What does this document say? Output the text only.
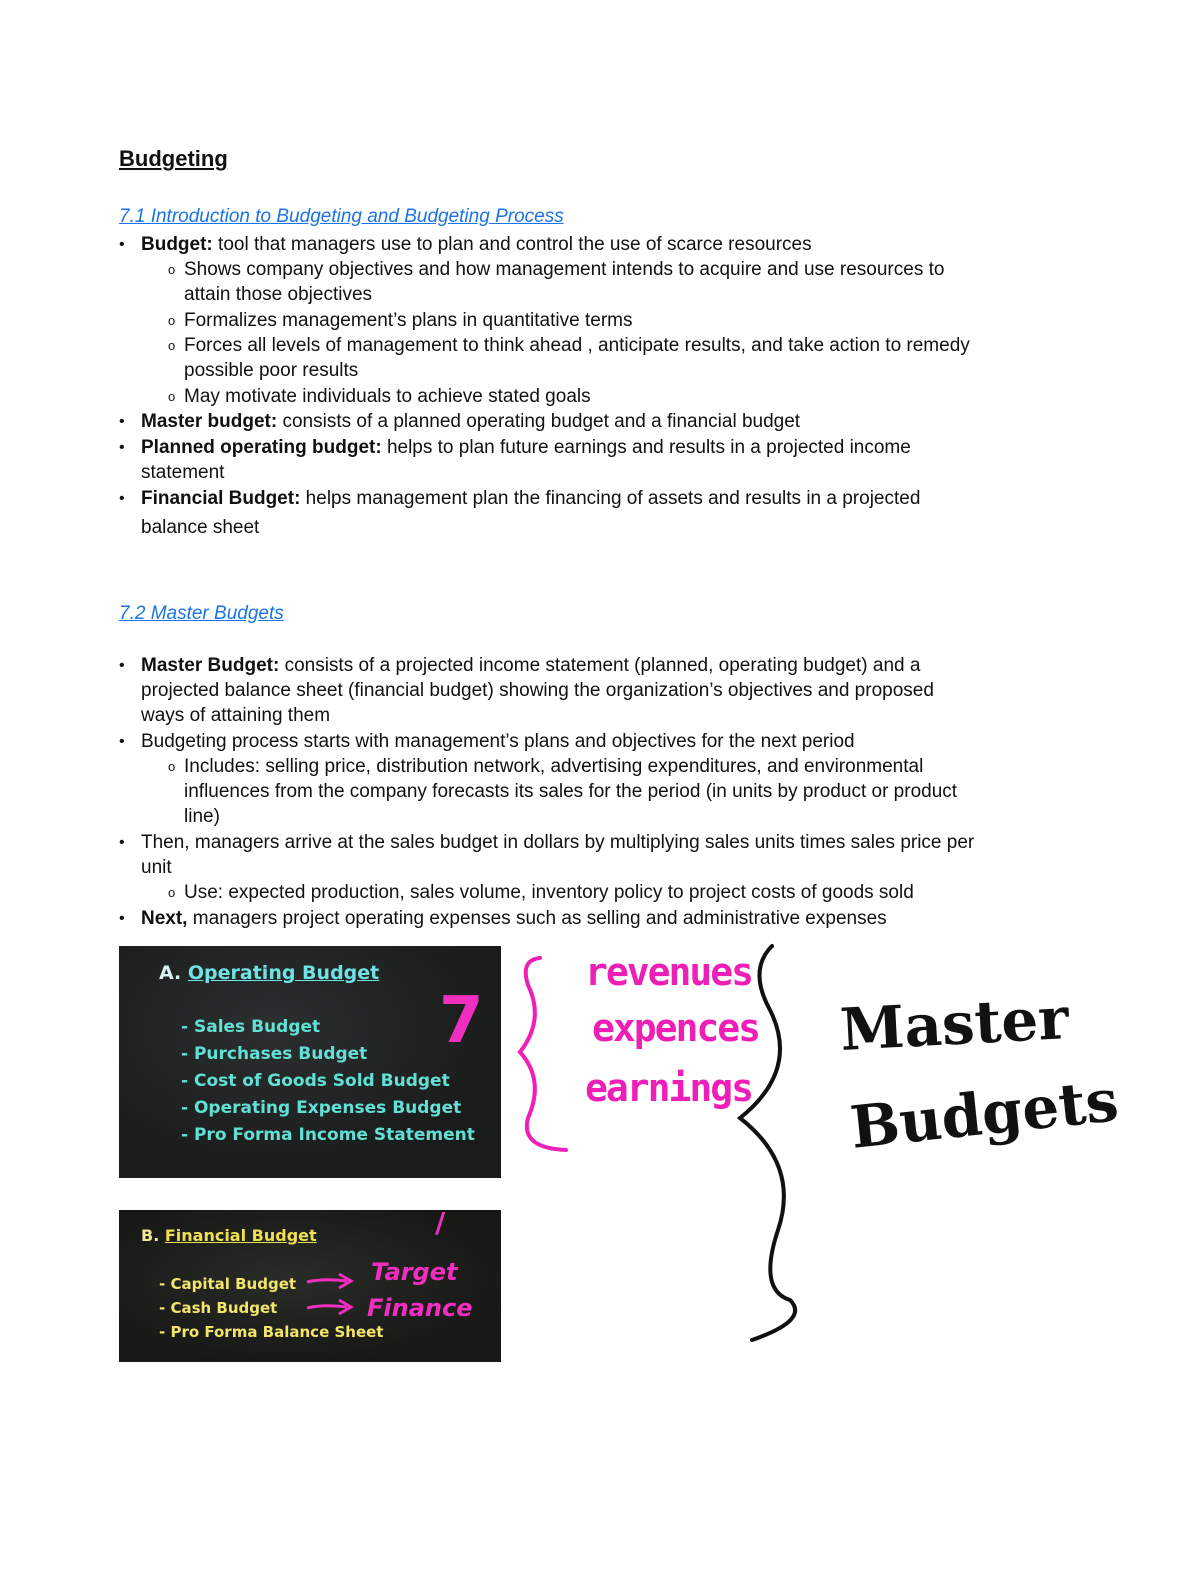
Budgeting
7.1 Introduction to Budgeting and Budgeting Process
• Budget: tool that managers use to plan and control the use of scarce resources
o Shows company objectives and how management intends to acquire and use resources to
attain those objectives
o Formalizes management’s plans in quantitative terms
o Forces all levels of management to think ahead , anticipate results, and take action to remedy
possible poor results
o May motivate individuals to achieve stated goals
• Master budget: consists of a planned operating budget and a financial budget
• Planned operating budget: helps to plan future earnings and results in a projected income
statement
• Financial Budget: helps management plan the financing of assets and results in a projected
balance sheet
7.2 Master Budgets
• Master Budget: consists of a projected income statement (planned, operating budget) and a
projected balance sheet (financial budget) showing the organization’s objectives and proposed
ways of attaining them
• Budgeting process starts with management’s plans and objectives for the next period
o Includes: selling price, distribution network, advertising expenditures, and environmental
influences from the company forecasts its sales for the period (in units by product or product
line)
• Then, managers arrive at the sales budget in dollars by multiplying sales units times sales price per
unit
o Use: expected production, sales volume, inventory policy to project costs of goods sold
• Next, managers project operating expenses such as selling and administrative expenses
A. Operating Budget
- Sales Budget
- Purchases Budget
- Cost of Goods Sold Budget
- Operating Expenses Budget
- Pro Forma Income Statement
7
B. Financial Budget
- Capital Budget
- Cash Budget
- Pro Forma Balance Sheet
Target
Finance
/
revenues
expences
earnings
Master
Budgets
